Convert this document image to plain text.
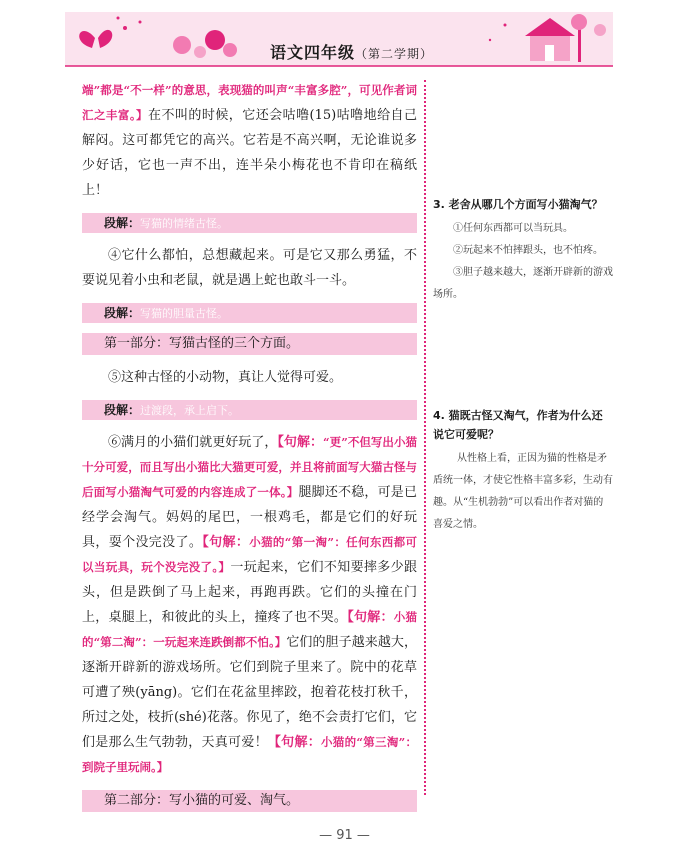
语文四年级（第二学期）

端”都是“不一样”的意思，表现猫的叫声“丰富多腔”，可见作者词汇之丰富。】在不叫的时候，它还会咕噜(15)咕噜地给自己解闷。这可都凭它的高兴。它若是不高兴啊，无论谁说多少好话，它也一声不出，连半朵小梅花也不肯印在稿纸上！

段解：写猫的情绪古怪。

④它什么都怕，总想藏起来。可是它又那么勇猛，不要说见着小虫和老鼠，就是遇上蛇也敢斗一斗。

段解：写猫的胆量古怪。
第一部分：写猫古怪的三个方面。

⑤这种古怪的小动物，真让人觉得可爱。

段解：过渡段，承上启下。

⑥满月的小猫们就更好玩了，【句解：“更”不但写出小猫十分可爱，而且写出小猫比大猫更可爱，并且将前面写大猫古怪与后面写小猫淘气可爱的内容连成了一体。】腿脚还不稳，可是已经学会淘气。妈妈的尾巴，一根鸡毛，都是它们的好玩具，耍个没完没了。【句解：小猫的“第一淘”：任何东西都可以当玩具，玩个没完没了。】一玩起来，它们不知要摔多少跟头，但是跌倒了马上起来，再跑再跌。它们的头撞在门上，桌腿上，和彼此的头上，撞疼了也不哭。【句解：小猫的“第二淘”：一玩起来连跌倒都不怕。】它们的胆子越来越大，逐渐开辟新的游戏场所。它们到院子里来了。院中的花草可遭了殃(yāng)。它们在花盆里摔跤，抱着花枝打秋千，所过之处，枝折(shé)花落。你见了，绝不会责打它们，它们是那么生气勃勃，天真可爱！【句解：小猫的“第三淘”：到院子里玩闹。】

第二部分：写小猫的可爱、淘气。

3. 老舍从哪几个方面写小猫淘气？

①任何东西都可以当玩具。

②玩起来不怕摔跟头，也不怕疼。

③胆子越来越大，逐渐开辟新的游戏场所。

4. 猫既古怪又淘气，作者为什么还说它可爱呢？

从性格上看，正因为猫的性格是矛盾统一体，才使它性格丰富多彩，生动有趣。从“生机勃勃”可以看出作者对猫的喜爱之情。

— 91 —
